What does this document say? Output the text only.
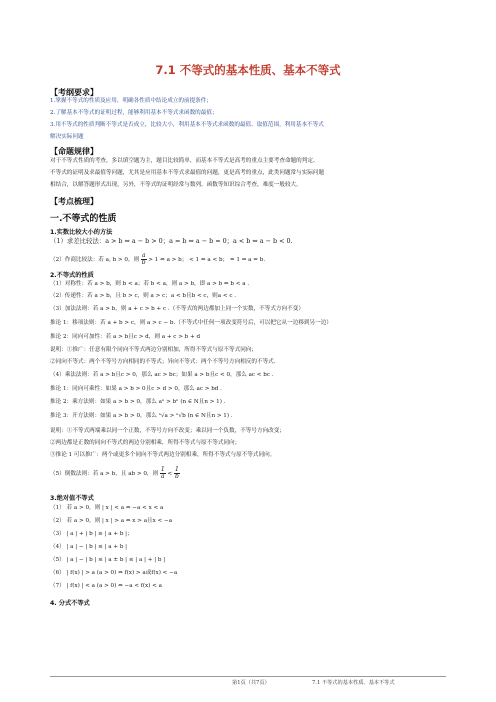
7.1 不等式的基本性质、基本不等式
【考纲要求】
1.掌握不等式的性质及应用，明确各性质中结论成立的前提条件；
2.了解基本不等式的证明过程，能够利用基本不等式求函数的最值；
3.用不等式的性质判断不等式是否成立，比较大小，利用基本不等式求函数的最值、取值范围，利用基本不等式
解决实际问题
【命题规律】
对于不等式性质的考查，多以填空题为主，题目比较简单，而基本不等式是高考的重点主要考查命题的判定、
不等式的证明及求最值等问题，尤其是应用基本不等式求最值的问题，更是高考的重点，此类问题常与实际问题
相结合，以解答题形式出现，另外，不等式的证明经常与数列、函数等知识综合考查，难度一般较大。
【考点梳理】
一.不等式的性质
1.实数比较大小的方法
（1）求差比较法：a > b ⇔ a − b > 0；a = b ⇔ a − b = 0；a < b ⇔ a − b < 0.
（2）作商比较法：若 a, b > 0，则 $\frac{a}{b} > 1$ ⇔ a > b； < 1 ⇔ a < b； = 1 ⇔ a = b.
2.不等式的性质
（1）对称性：若 a > b，则 b < a；若 b < a，则 a > b，即 a > b ⇔ b < a .
（2）传递性：若 a > b，且 b > c，则 a > c；a < b且b < c，则a < c .
（3）加法法则：若 a > b，则 a + c > b + c .（不等式的两边都加上同一个实数，不等式方向不变）
推论 1：移项法则：若 a + b > c，则 a > c − b.（不等式中任何一项改变符号后，可以把它从一边移到另一边）
推论 2：同向可加性：若 a > b且c > d，则 a + c > b + d
说明：①推广：任意有限个同向不等式两边分别相加，所得不等式与原不等式同向；
②同向不等式：两个不等号方向相同的不等式；异向不等式：两个不等号方向相反的不等式.
（4）乘法法则：若 a > b且c > 0，那么 ac > bc；如果 a > b且c < 0，那么 ac < bc .
推论 1：同向可乘性：如果 a > b > 0且c > d > 0，那么 ac > bd .
推论 2：乘方法则：如果 a > b > 0，那么 aⁿ > bⁿ (n ∈ N且n > 1) .
推论 3：开方法则：如果 a > b > 0，那么 ⁿ√a > ⁿ√b (n ∈ N且n > 1) .
说明：①不等式两端乘以同一个正数，不等号方向不改变；乘以同一个负数，不等号方向改变；
②两边都是正数的同向不等式的两边分别相乘，所得不等式与原不等式同向；
③推论 1 可以推广：两个或更多个同向不等式两边分别相乘，所得不等式与原不等式同向。
（5）倒数法则：若 a > b，且 ab > 0，则 $\frac{1}{a} < \frac{1}{b}$
3.绝对值不等式
（1） 若 a > 0，则 | x | < a ⇔ −a < x < a
（2） 若 a > 0，则 | x | > a ⇔ x > a且x < −a
（3） | a | + | b | ≥ | a + b |；
（4） | a | − | b | ≤ | a + b |
（5） | a | − | b | ≤ | a ± b | ≤ | a | + | b |
（6） | f(x) | > a (a > 0) ⇔ f(x) > a或f(x) < −a
（7） | f(x) | < a (a > 0) ⇔ −a < f(x) < a
4. 分式不等式
第1页（共7页）	7.1 不等式的基本性质、基本不等式
